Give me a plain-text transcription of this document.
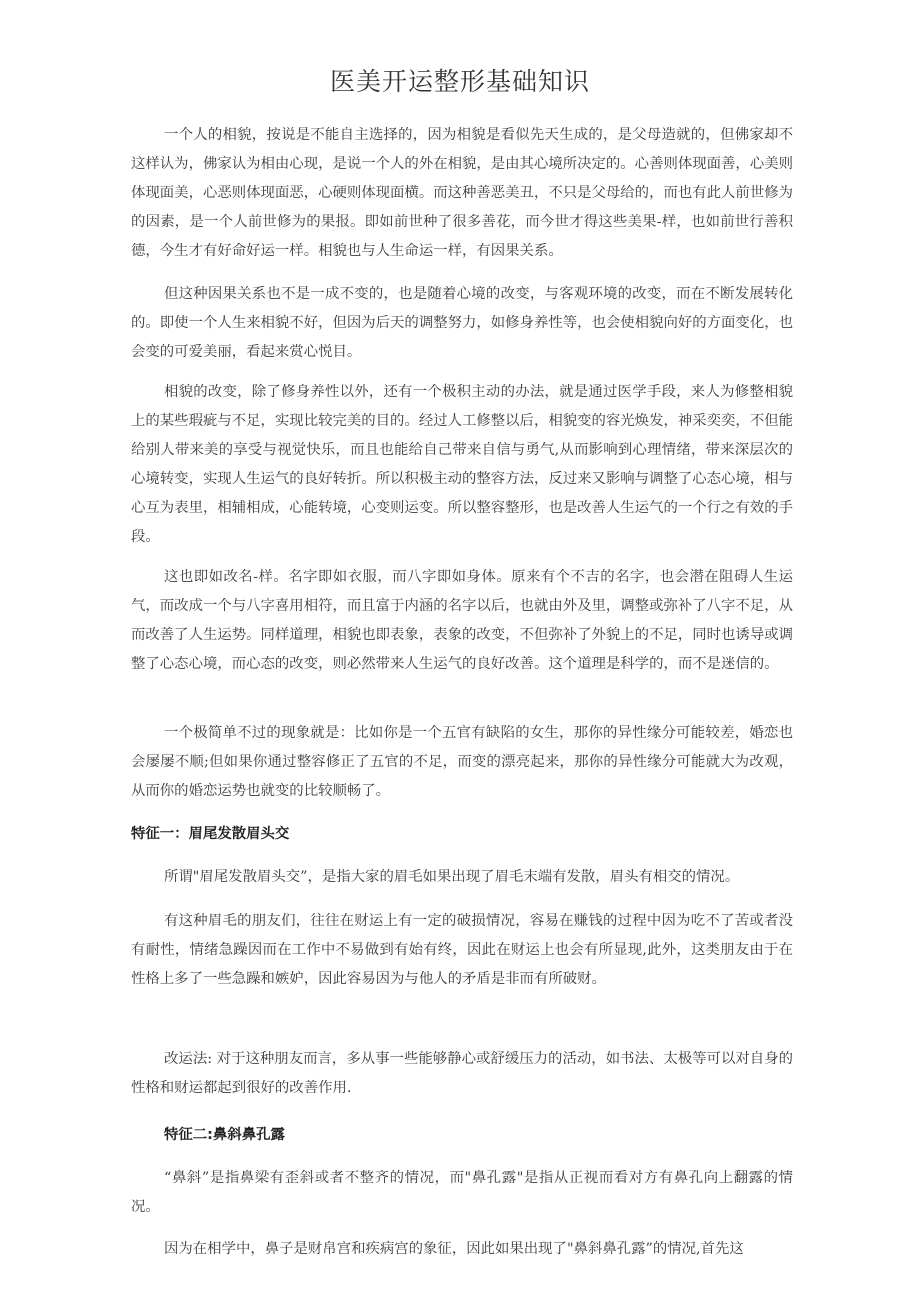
医美开运整形基础知识

一个人的相貌，按说是不能自主选择的，因为相貌是看似先天生成的，是父母造就的，但佛家却不这样认为，佛家认为相由心现，是说一个人的外在相貌，是由其心境所决定的。心善则体现面善，心美则体现面美，心恶则体现面恶，心硬则体现面横。而这种善恶美丑，不只是父母给的，而也有此人前世修为的因素，是一个人前世修为的果报。即如前世种了很多善花，而今世才得这些美果-样，也如前世行善积德，今生才有好命好运一样。相貌也与人生命运一样，有因果关系。

但这种因果关系也不是一成不变的，也是随着心境的改变，与客观环境的改变，而在不断发展转化的。即使一个人生来相貌不好，但因为后天的调整努力，如修身养性等，也会使相貌向好的方面变化，也会变的可爱美丽，看起来赏心悦目。

相貌的改变，除了修身养性以外，还有一个极积主动的办法，就是通过医学手段，来人为修整相貌上的某些瑕疵与不足，实现比较完美的目的。经过人工修整以后，相貌变的容光焕发，神采奕奕，不但能给别人带来美的享受与视觉快乐，而且也能给自己带来自信与勇气,从而影响到心理情绪，带来深层次的心境转变，实现人生运气的良好转折。所以积极主动的整容方法，反过来又影响与调整了心态心境，相与心互为表里，相辅相成，心能转境，心变则运变。所以整容整形，也是改善人生运气的一个行之有效的手段。

这也即如改名-样。名字即如衣服，而八字即如身体。原来有个不吉的名字，也会潜在阻碍人生运气，而改成一个与八字喜用相符，而且富于内涵的名字以后，也就由外及里，调整或弥补了八字不足，从而改善了人生运势。同样道理，相貌也即表象，表象的改变，不但弥补了外貌上的不足，同时也诱导或调整了心态心境，而心态的改变，则必然带来人生运气的良好改善。这个道理是科学的，而不是迷信的。

一个极简单不过的现象就是：比如你是一个五官有缺陷的女生，那你的异性缘分可能较差，婚恋也会屡屡不顺;但如果你通过整容修正了五官的不足，而变的漂亮起来，那你的异性缘分可能就大为改观，从而你的婚恋运势也就变的比较顺畅了。

特征一：眉尾发散眉头交

所谓"眉尾发散眉头交”，是指大家的眉毛如果出现了眉毛末端有发散，眉头有相交的情况。

有这种眉毛的朋友们，往往在财运上有一定的破损情况，容易在赚钱的过程中因为吃不了苦或者没有耐性，情绪急躁因而在工作中不易做到有始有终，因此在财运上也会有所显现,此外，这类朋友由于在性格上多了一些急躁和嫉妒，因此容易因为与他人的矛盾是非而有所破财。

改运法: 对于这种朋友而言，多从事一些能够静心或舒缓压力的活动，如书法、太极等可以对自身的性格和财运都起到很好的改善作用.

特征二:鼻斜鼻孔露

“鼻斜”是指鼻梁有歪斜或者不整齐的情况，而"鼻孔露"是指从正视而看对方有鼻孔向上翻露的情况。

因为在相学中，鼻子是财帛宫和疾病宫的象征，因此如果出现了"鼻斜鼻孔露”的情况,首先这
